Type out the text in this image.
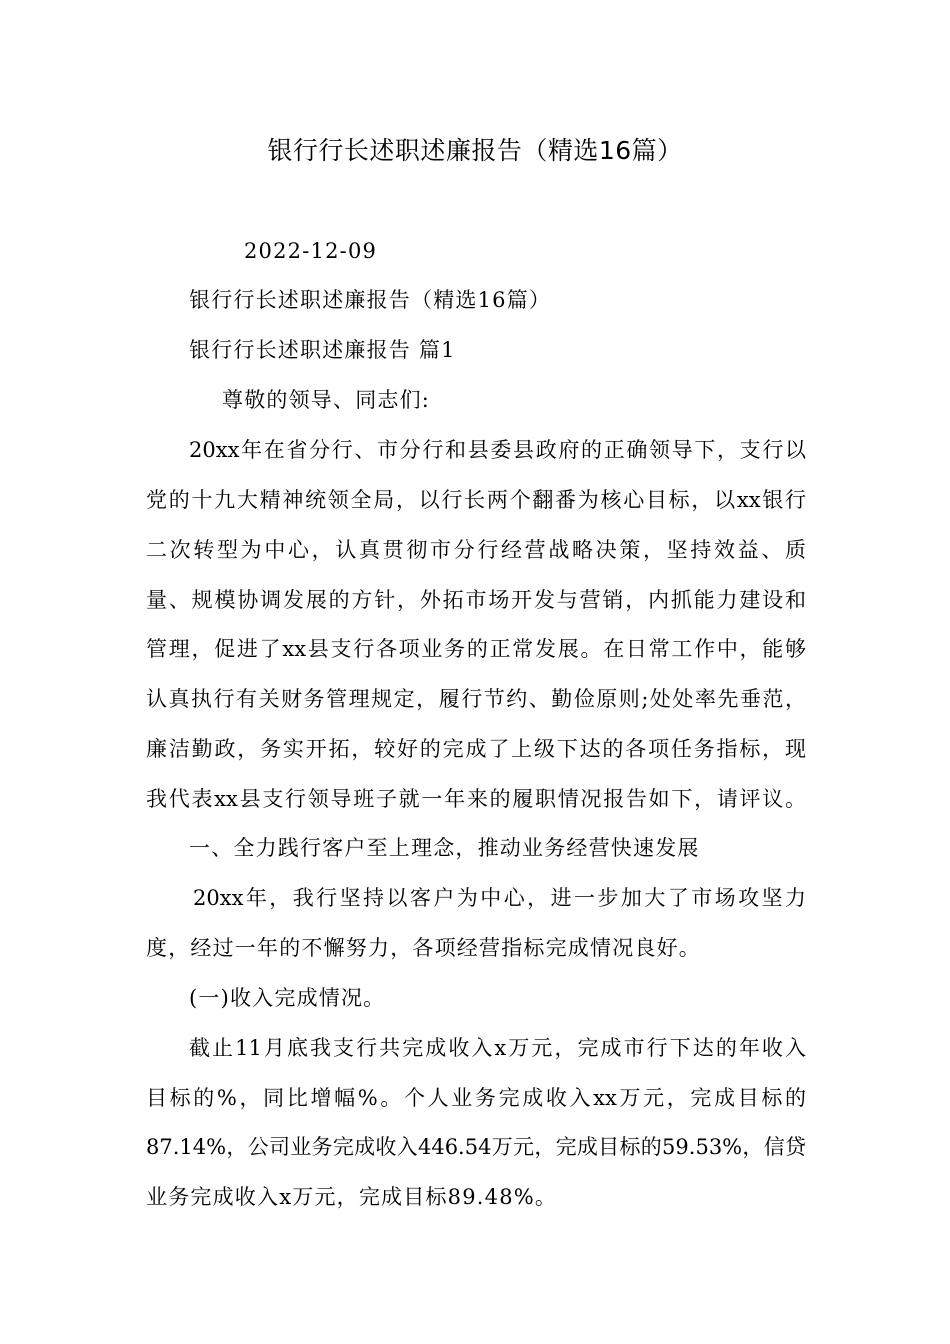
银行行长述职述廉报告（精选16篇）
2022-12-09
银行行长述职述廉报告（精选16篇）
银行行长述职述廉报告 篇1
尊敬的领导、同志们:
20xx年在省分行、市分行和县委县政府的正确领导下，支行以
党的十九大精神统领全局，以行长两个翻番为核心目标，以xx银行
二次转型为中心，认真贯彻市分行经营战略决策，坚持效益、质
量、规模协调发展的方针，外拓市场开发与营销，内抓能力建设和
管理，促进了xx县支行各项业务的正常发展。在日常工作中，能够
认真执行有关财务管理规定，履行节约、勤俭原则;处处率先垂范，
廉洁勤政，务实开拓，较好的完成了上级下达的各项任务指标，现
我代表xx县支行领导班子就一年来的履职情况报告如下，请评议。
一、全力践行客户至上理念，推动业务经营快速发展
20xx年，我行坚持以客户为中心，进一步加大了市场攻坚力
度，经过一年的不懈努力，各项经营指标完成情况良好。
(一)收入完成情况。
截止11月底我支行共完成收入x万元，完成市行下达的年收入
目标的%，同比增幅%。个人业务完成收入xx万元，完成目标的
87.14%，公司业务完成收入446.54万元，完成目标的59.53%，信贷
业务完成收入x万元，完成目标89.48%。
